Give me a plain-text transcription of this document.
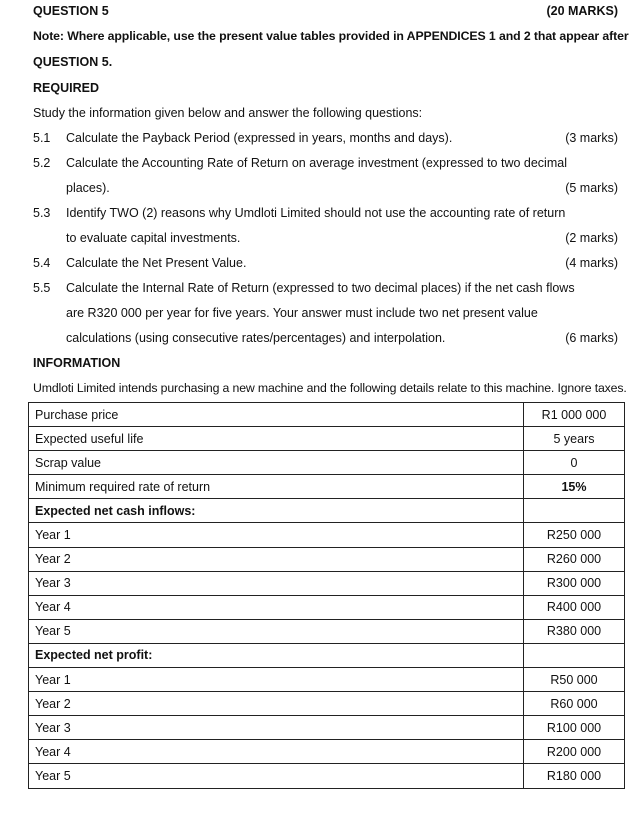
QUESTION 5	(20 MARKS)
Note: Where applicable, use the present value tables provided in APPENDICES 1 and 2 that appear after
QUESTION 5.
REQUIRED
Study the information given below and answer the following questions:
5.1 Calculate the Payback Period (expressed in years, months and days).	(3 marks)
5.2 Calculate the Accounting Rate of Return on average investment (expressed to two decimal
places).	(5 marks)
5.3 Identify TWO (2) reasons why Umdloti Limited should not use the accounting rate of return
to evaluate capital investments.	(2 marks)
5.4 Calculate the Net Present Value.	(4 marks)
5.5 Calculate the Internal Rate of Return (expressed to two decimal places) if the net cash flows
are R320 000 per year for five years. Your answer must include two net present value
calculations (using consecutive rates/percentages) and interpolation.	(6 marks)
INFORMATION
Umdloti Limited intends purchasing a new machine and the following details relate to this machine. Ignore taxes.
Purchase price	R1 000 000
Expected useful life	5 years
Scrap value	0
Minimum required rate of return	15%
Expected net cash inflows:	
Year 1	R250 000
Year 2	R260 000
Year 3	R300 000
Year 4	R400 000
Year 5	R380 000
Expected net profit:	
Year 1	R50 000
Year 2	R60 000
Year 3	R100 000
Year 4	R200 000
Year 5	R180 000
